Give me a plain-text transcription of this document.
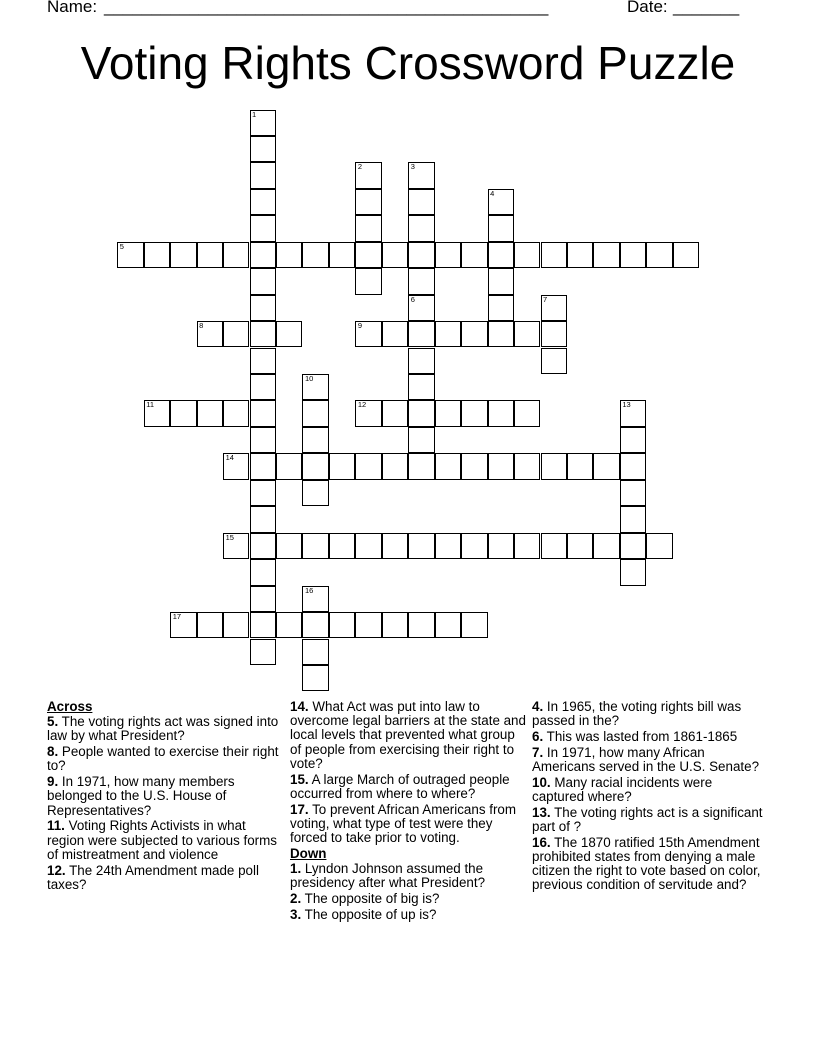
Name: _______________________________________________	Date: _______
Voting Rights Crossword Puzzle
1
2	3
4
5
6	7
8	9
10
11	12	13
14
15
16
17

Across

5. The voting rights act was signed into law by what President?

8. People wanted to exercise their right to?

9. In 1971, how many members belonged to the U.S. House of Representatives?

11. Voting Rights Activists in what region were subjected to various forms of mistreatment and violence

12. The 24th Amendment made poll taxes?

14. What Act was put into law to overcome legal barriers at the state and local levels that prevented what group of people from exercising their right to vote?

15. A large March of outraged people occurred from where to where?

17. To prevent African Americans from voting, what type of test were they forced to take prior to voting.

Down

1. Lyndon Johnson assumed the presidency after what President?

2. The opposite of big is?

3. The opposite of up is?

4. In 1965, the voting rights bill was passed in the?

6. This was lasted from 1861-1865

7. In 1971, how many African Americans served in the U.S. Senate?

10. Many racial incidents were captured where?

13. The voting rights act is a significant part of ?

16. The 1870 ratified 15th Amendment prohibited states from denying a male citizen the right to vote based on color, previous condition of servitude and?
